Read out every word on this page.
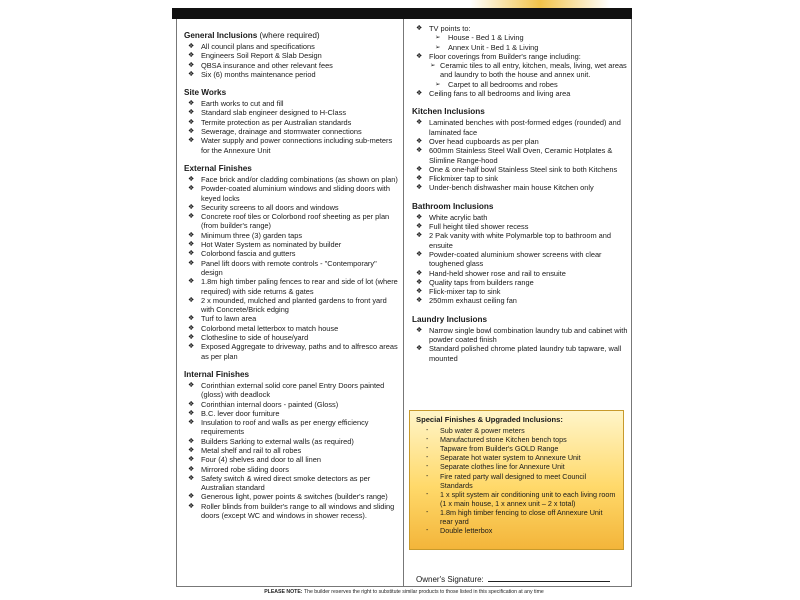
General Inclusions (where required)
❖ All council plans and specifications
❖ Engineers Soil Report & Slab Design
❖ QBSA insurance and other relevant fees
❖ Six (6) months maintenance period
Site Works
❖ Earth works to cut and fill
❖ Standard slab engineer designed to H-Class
❖ Termite protection as per Australian standards
❖ Sewerage, drainage and stormwater connections
❖ Water supply and power connections including sub-meters for the Annexure Unit
External Finishes
❖ Face brick and/or cladding combinations (as shown on plan)
❖ Powder-coated aluminium windows and sliding doors with keyed locks
❖ Security screens to all doors and windows
❖ Concrete roof tiles or Colorbond roof sheeting as per plan (from builder's range)
❖ Minimum three (3) garden taps
❖ Hot Water System as nominated by builder
❖ Colorbond fascia and gutters
❖ Panel lift doors with remote controls - "Contemporary" design
❖ 1.8m high timber paling fences to rear and side of lot (where required) with side returns & gates
❖ 2 x mounded, mulched and planted gardens to front yard with Concrete/Brick edging
❖ Turf to lawn area
❖ Colorbond metal letterbox to match house
❖ Clothesline to side of house/yard
❖ Exposed Aggregate to driveway, paths and to alfresco areas as per plan
Internal Finishes
❖ Corinthian external solid core panel Entry Doors painted (gloss) with deadlock
❖ Corinthian internal doors - painted (Gloss)
❖ B.C. lever door furniture
❖ Insulation to roof and walls as per energy efficiency requirements
❖ Builders Sarking to external walls (as required)
❖ Metal shelf and rail to all robes
❖ Four (4) shelves and door to all linen
❖ Mirrored robe sliding doors
❖ Safety switch & wired direct smoke detectors as per Australian standard
❖ Generous light, power points & switches (builder's range)
❖ Roller blinds from builder's range to all windows and sliding doors (except WC and windows in shower recess).
❖ TV points to:
➢ House - Bed 1 & Living
➢ Annex Unit - Bed 1 & Living
❖ Floor coverings from Builder's range including:
➢ Ceramic tiles to all entry, kitchen, meals, living, wet areas and laundry to both the house and annex unit.
➢ Carpet to all bedrooms and robes
❖ Ceiling fans to all bedrooms and living area
Kitchen Inclusions
❖ Laminated benches with post-formed edges (rounded) and laminated face
❖ Over head cupboards as per plan
❖ 600mm Stainless Steel Wall Oven, Ceramic Hotplates & Slimline Range-hood
❖ One & one-half bowl Stainless Steel sink to both Kitchens
❖ Flickmixer tap to sink
❖ Under-bench dishwasher main house Kitchen only
Bathroom Inclusions
❖ White acrylic bath
❖ Full height tiled shower recess
❖ 2 Pak vanity with white Polymarble top to bathroom and ensuite
❖ Powder-coated aluminium shower screens with clear toughened glass
❖ Hand-held shower rose and rail to ensuite
❖ Quality taps from builders range
❖ Flick-mixer tap to sink
❖ 250mm exhaust ceiling fan
Laundry Inclusions
❖ Narrow single bowl combination laundry tub and cabinet with powder coated finish
❖ Standard polished chrome plated laundry tub tapware, wall mounted
Special Finishes & Upgraded Inclusions:
- Sub water & power meters
- Manufactured stone Kitchen bench tops
- Tapware from Builder's GOLD Range
- Separate hot water system to Annexure Unit
- Separate clothes line for Annexure Unit
- Fire rated party wall designed to meet Council Standards
- 1 x split system air conditioning unit to each living room (1 x main house, 1 x annex unit – 2 x total)
- 1.8m high timber fencing to close off Annexure Unit rear yard
- Double letterbox
Owner's Signature:
PLEASE NOTE: The builder reserves the right to substitute similar products to those listed in this specification at any time
